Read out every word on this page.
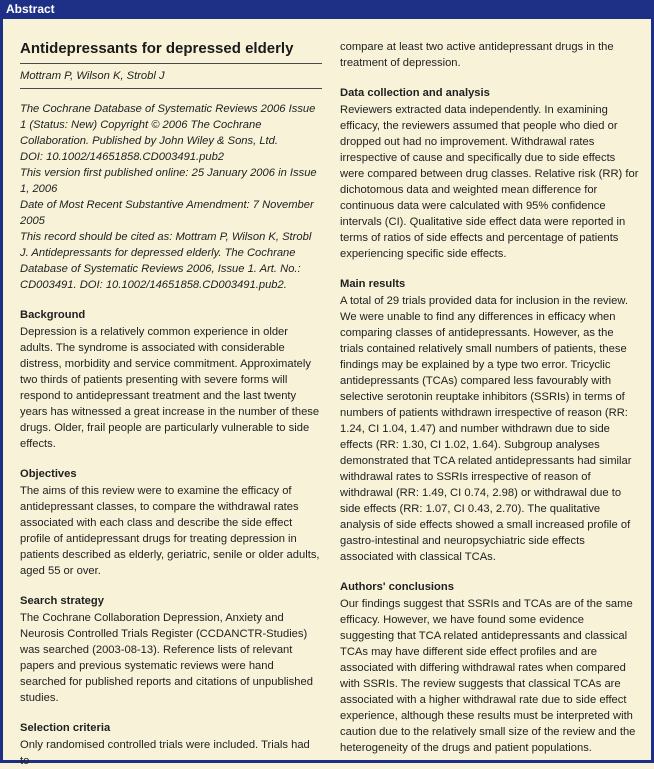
Abstract
Antidepressants for depressed elderly
Mottram P, Wilson K, Strobl J

The Cochrane Database of Systematic Reviews 2006 Issue 1 (Status: New) Copyright © 2006 The Cochrane Collaboration. Published by John Wiley & Sons, Ltd.

DOI: 10.1002/14651858.CD003491.pub2

This version first published online: 25 January 2006 in Issue 1, 2006

Date of Most Recent Substantive Amendment: 7 November 2005

This record should be cited as: Mottram P, Wilson K, Strobl J. Antidepressants for depressed elderly. The Cochrane Database of Systematic Reviews 2006, Issue 1. Art. No.: CD003491. DOI: 10.1002/14651858.CD003491.pub2.

Background

Depression is a relatively common experience in older adults. The syndrome is associated with considerable distress, morbidity and service commitment. Approximately two thirds of patients presenting with severe forms will respond to antidepressant treatment and the last twenty years has witnessed a great increase in the number of these drugs. Older, frail people are particularly vulnerable to side effects.

Objectives

The aims of this review were to examine the efficacy of antidepressant classes, to compare the withdrawal rates associated with each class and describe the side effect profile of antidepressant drugs for treating depression in patients described as elderly, geriatric, senile or older adults, aged 55 or over.

Search strategy

The Cochrane Collaboration Depression, Anxiety and Neurosis Controlled Trials Register (CCDANCTR-Studies) was searched (2003-08-13). Reference lists of relevant papers and previous systematic reviews were hand searched for published reports and citations of unpublished studies.

Selection criteria

Only randomised controlled trials were included. Trials had to

compare at least two active antidepressant drugs in the treatment of depression.

Data collection and analysis

Reviewers extracted data independently. In examining efficacy, the reviewers assumed that people who died or dropped out had no improvement. Withdrawal rates irrespective of cause and specifically due to side effects were compared between drug classes. Relative risk (RR) for dichotomous data and weighted mean difference for continuous data were calculated with 95% confidence intervals (CI). Qualitative side effect data were reported in terms of ratios of side effects and percentage of patients experiencing specific side effects.

Main results

A total of 29 trials provided data for inclusion in the review. We were unable to find any differences in efficacy when comparing classes of antidepressants. However, as the trials contained relatively small numbers of patients, these findings may be explained by a type two error. Tricyclic antidepressants (TCAs) compared less favourably with selective serotonin reuptake inhibitors (SSRIs) in terms of numbers of patients withdrawn irrespective of reason (RR: 1.24, CI 1.04, 1.47) and number withdrawn due to side effects (RR: 1.30, CI 1.02, 1.64). Subgroup analyses demonstrated that TCA related antidepressants had similar withdrawal rates to SSRIs irrespective of reason of withdrawal (RR: 1.49, CI 0.74, 2.98) or withdrawal due to side effects (RR: 1.07, CI 0.43, 2.70). The qualitative analysis of side effects showed a small increased profile of gastro-intestinal and neuropsychiatric side effects associated with classical TCAs.

Authors' conclusions

Our findings suggest that SSRIs and TCAs are of the same efficacy. However, we have found some evidence suggesting that TCA related antidepressants and classical TCAs may have different side effect profiles and are associated with differing withdrawal rates when compared with SSRIs. The review suggests that classical TCAs are associated with a higher withdrawal rate due to side effect experience, although these results must be interpreted with caution due to the relatively small size of the review and the heterogeneity of the drugs and patient populations.
